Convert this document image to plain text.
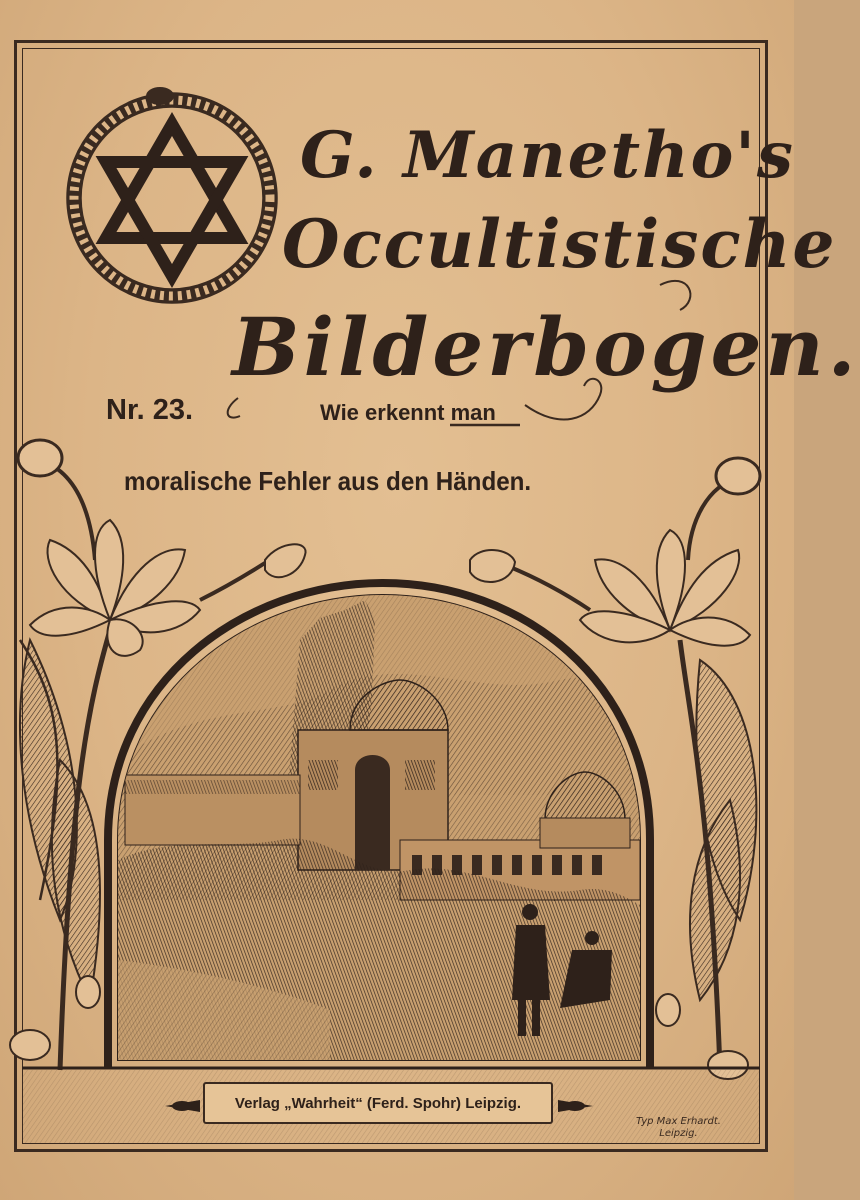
G. Manetho's

Occultistische

Bilderbogen.

Nr. 23.	Wie erkennt man

moralische Fehler aus den Händen.

Verlag „Wahrheit“ (Ferd. Spohr) Leipzig.

Typ Max Erhardt.
Leipzig.
